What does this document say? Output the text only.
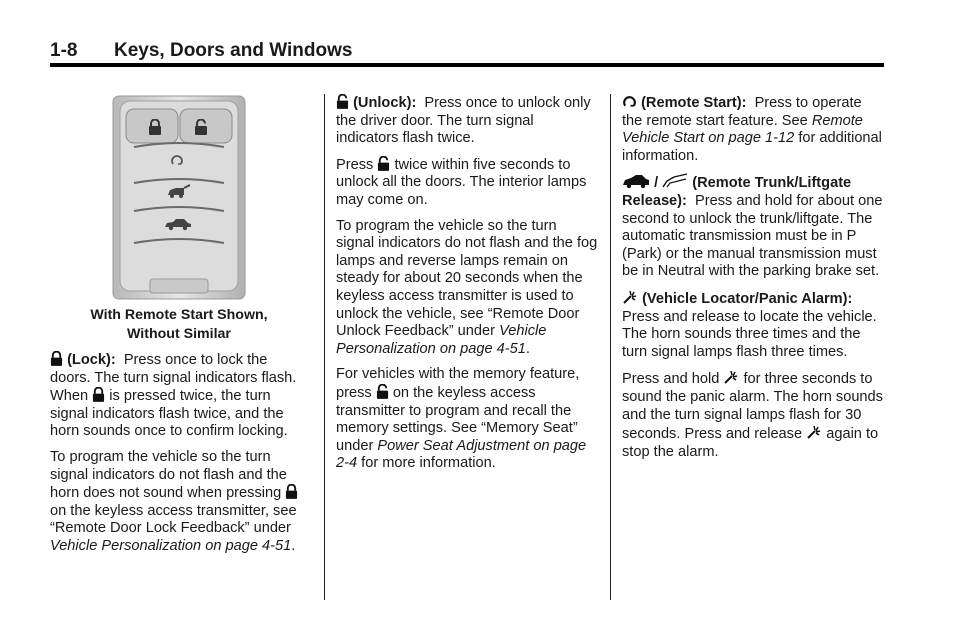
1-8 Keys, Doors and Windows
With Remote Start Shown,
Without Similar

(Lock): Press once to lock the doors. The turn signal indicators flash. When is pressed twice, the turn signal indicators flash twice, and the horn sounds once to confirm locking.

To program the vehicle so the turn signal indicators do not flash and the horn does not sound when pressing  on the keyless access transmitter, see “Remote Door Lock Feedback” under Vehicle Personalization on page 4-51.

(Unlock): Press once to unlock only the driver door. The turn signal indicators flash twice.

Press twice within five seconds to unlock all the doors. The interior lamps may come on.

To program the vehicle so the turn signal indicators do not flash and the fog lamps and reverse lamps remain on steady for about 20 seconds when the keyless access transmitter is used to unlock the vehicle, see “Remote Door Unlock Feedback” under Vehicle Personalization on page 4-51.

For vehicles with the memory feature, press on the keyless access transmitter to program and recall the memory settings. See “Memory Seat” under Power Seat Adjustment on page 2-4 for more information.

(Remote Start): Press to operate the remote start feature. See Remote Vehicle Start on page 1-12 for additional information.

/ (Remote Trunk/Liftgate Release): Press and hold for about one second to unlock the trunk/liftgate. The automatic transmission must be in P (Park) or the manual transmission must be in Neutral with the parking brake set.

(Vehicle Locator/Panic Alarm):  Press and release to locate the vehicle. The horn sounds three times and the turn signal lamps flash three times.

Press and hold for three seconds to sound the panic alarm. The horn sounds and the turn signal lamps flash for 30 seconds. Press and release again to stop the alarm.
